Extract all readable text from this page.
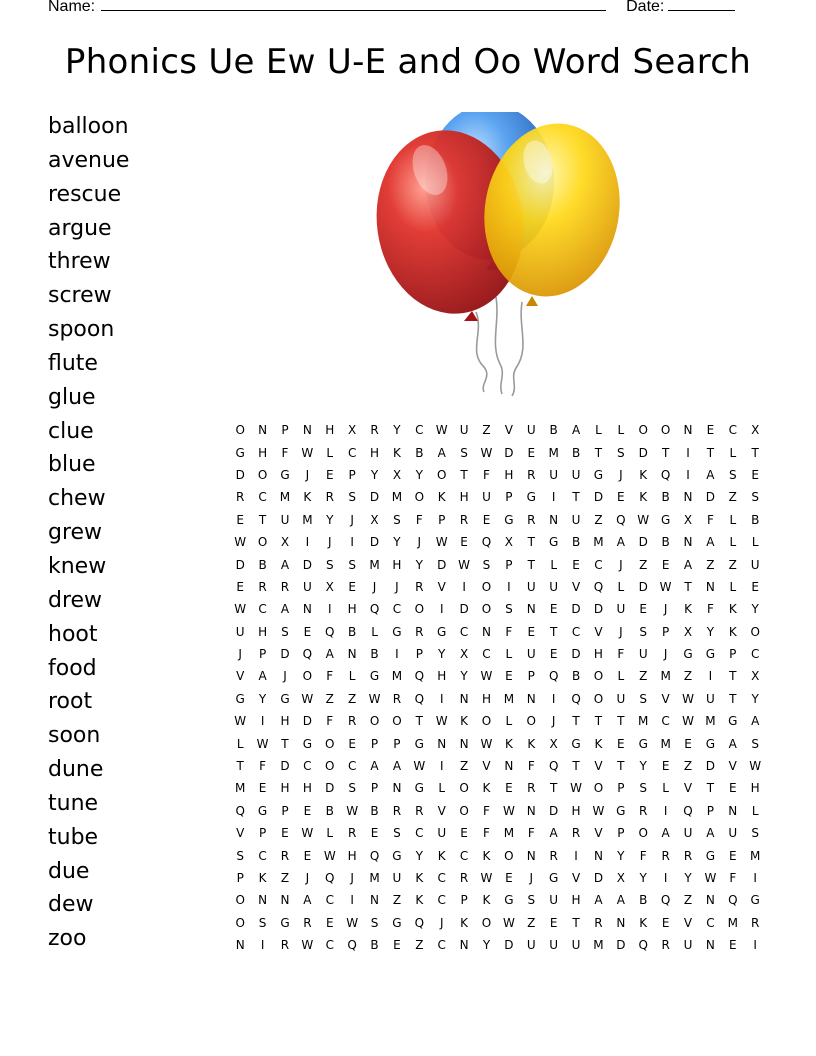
Name:	Date:
Phonics Ue Ew U-E and Oo Word Search
balloon
avenue
rescue
argue
threw
screw
spoon
flute
glue
clue
blue
chew
grew
knew
drew
hoot
food
root
soon
dune
tune
tube
due
dew
zoo
O	N	P	N	H	X	R	Y	C	W	U	Z	V	U	B	A	L	L	O	O	N	E	C	X
G	H	F	W	L	C	H	K	B	A	S	W	D	E	M	B	T	S	D	T	I	T	L	T
D	O	G	J	E	P	Y	X	Y	O	T	F	H	R	U	U	G	J	K	Q	I	A	S	E
R	C	M	K	R	S	D	M	O	K	H	U	P	G	I	T	D	E	K	B	N	D	Z	S
E	T	U	M	Y	J	X	S	F	P	R	E	G	R	N	U	Z	Q	W	G	X	F	L	B
W	O	X	I	J	I	D	Y	J	W	E	Q	X	T	G	B	M	A	D	B	N	A	L	L
D	B	A	D	S	S	M	H	Y	D	W	S	P	T	L	E	C	J	Z	E	A	Z	Z	U
E	R	R	U	X	E	J	J	R	V	I	O	I	U	U	V	Q	L	D	W	T	N	L	E
W	C	A	N	I	H	Q	C	O	I	D	O	S	N	E	D	D	U	E	J	K	F	K	Y
U	H	S	E	Q	B	L	G	R	G	C	N	F	E	T	C	V	J	S	P	X	Y	K	O
J	P	D	Q	A	N	B	I	P	Y	X	C	L	U	E	D	H	F	U	J	G	G	P	C
V	A	J	O	F	L	G	M	Q	H	Y	W	E	P	Q	B	O	L	Z	M	Z	I	T	X
G	Y	G	W	Z	Z	W	R	Q	I	N	H	M	N	I	Q	O	U	S	V	W	U	T	Y
W	I	H	D	F	R	O	O	T	W	K	O	L	O	J	T	T	T	M	C	W	M	G	A
L	W	T	G	O	E	P	P	G	N	N	W	K	K	X	G	K	E	G	M	E	G	A	S
T	F	D	C	O	C	A	A	W	I	Z	V	N	F	Q	T	V	T	Y	E	Z	D	V	W
M	E	H	H	D	S	P	N	G	L	O	K	E	R	T	W	O	P	S	L	V	T	E	H
Q	G	P	E	B	W	B	R	R	V	O	F	W	N	D	H	W	G	R	I	Q	P	N	L
V	P	E	W	L	R	E	S	C	U	E	F	M	F	A	R	V	P	O	A	U	A	U	S
S	C	R	E	W	H	Q	G	Y	K	C	K	O	N	R	I	N	Y	F	R	R	G	E	M
P	K	Z	J	Q	J	M	U	K	C	R	W	E	J	G	V	D	X	Y	I	Y	W	F	I
O	N	N	A	C	I	N	Z	K	C	P	K	G	S	U	H	A	A	B	Q	Z	N	Q	G
O	S	G	R	E	W	S	G	Q	J	K	O	W	Z	E	T	R	N	K	E	V	C	M	R
N	I	R	W	C	Q	B	E	Z	C	N	Y	D	U	U	U	M	D	Q	R	U	N	E	I
